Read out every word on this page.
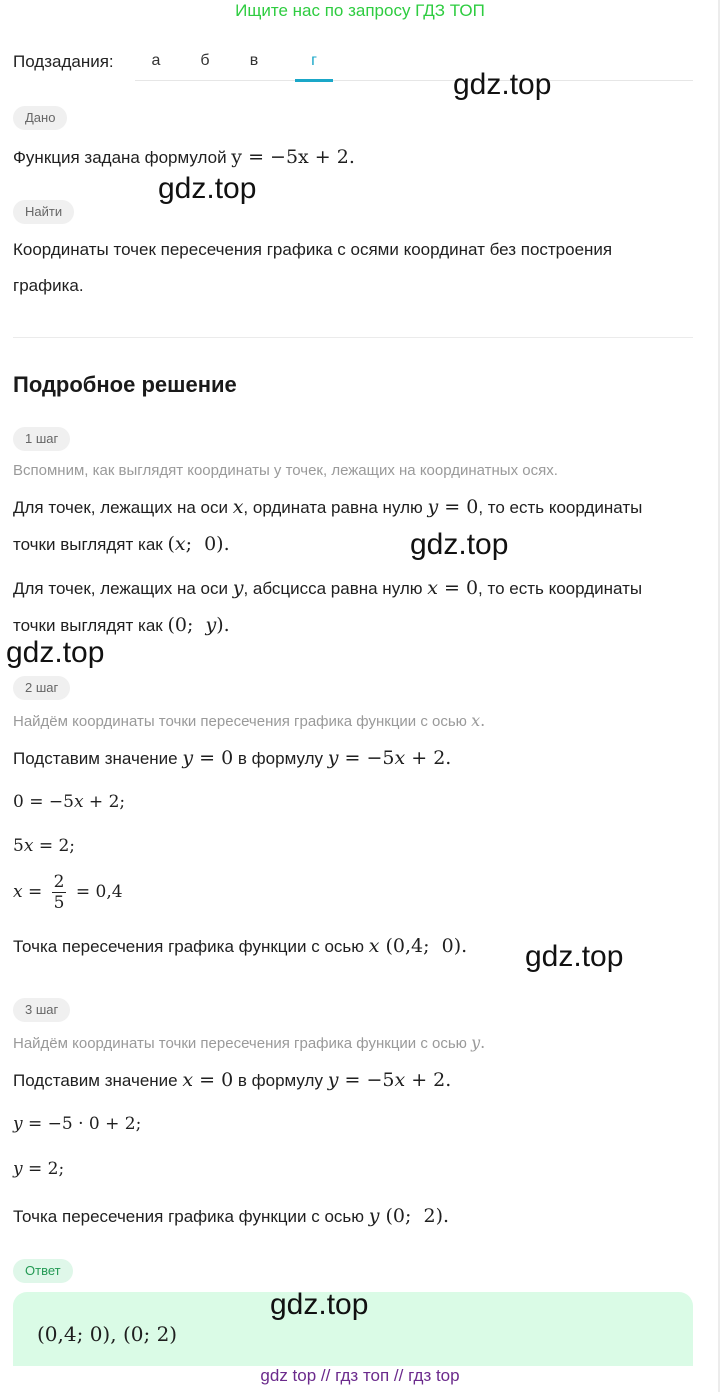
Ищите нас по запросу ГДЗ ТОП
Подзадания:	а	б	в	г
gdz.top
Дано
Функция задана формулой y = −5x + 2.
gdz.top
Найти
Координаты точек пересечения графика с осями координат без построения
графика.
Подробное решение
1 шаг
Вспомним, как выглядят координаты у точек, лежащих на координатных осях.
Для точек, лежащих на оси x, ордината равна нулю y = 0, то есть координаты
точки выглядят как (x;  0).	gdz.top
Для точек, лежащих на оси y, абсцисса равна нулю x = 0, то есть координаты
точки выглядят как (0;  y).
gdz.top
2 шаг
Найдём координаты точки пересечения графика функции с осью x.
Подставим значение y = 0 в формулу y = −5x + 2.
0 = −5x + 2;
5x = 2;
$x = \frac{2}{5} = 0,4$
Точка пересечения графика функции с осью x (0,4;  0). gdz.top
3 шаг
Найдём координаты точки пересечения графика функции с осью y.
Подставим значение x = 0 в формулу y = −5x + 2.
y = −5 · 0 + 2;
y = 2;
Точка пересечения графика функции с осью y (0;  2).
Ответ
(0,4; 0), (0; 2)
gdz.top
gdz top // гдз топ // гдз top
